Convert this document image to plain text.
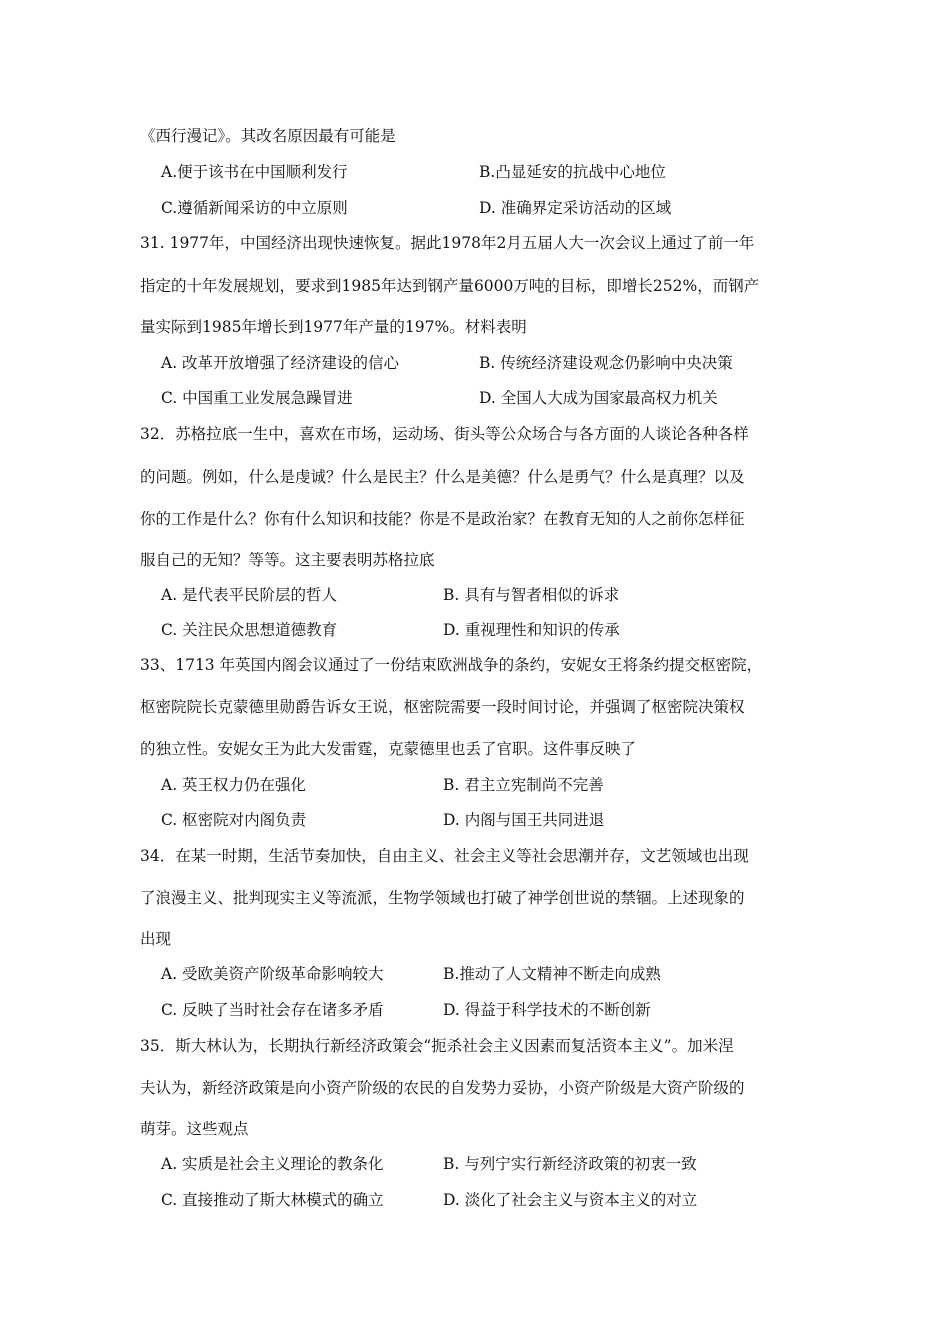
《西行漫记》。其改名原因最有可能是
A.便于该书在中国顺利发行	B.凸显延安的抗战中心地位
C.遵循新闻采访的中立原则	D. 准确界定采访活动的区域
31. 1977年，中国经济出现快速恢复。据此1978年2月五届人大一次会议上通过了前一年
指定的十年发展规划，要求到1985年达到钢产量6000万吨的目标，即增长252%，而钢产
量实际到1985年增长到1977年产量的197%。材料表明
A. 改革开放增强了经济建设的信心	B. 传统经济建设观念仍影响中央决策
C. 中国重工业发展急躁冒进	D. 全国人大成为国家最高权力机关
32．苏格拉底一生中，喜欢在市场，运动场、街头等公众场合与各方面的人谈论各种各样
的问题。例如，什么是虔诚？什么是民主？什么是美德？什么是勇气？什么是真理？以及
你的工作是什么？你有什么知识和技能？你是不是政治家？在教育无知的人之前你怎样征
服自己的无知？等等。这主要表明苏格拉底
A. 是代表平民阶层的哲人	B. 具有与智者相似的诉求
C. 关注民众思想道德教育	D. 重视理性和知识的传承
33、1713 年英国内阁会议通过了一份结束欧洲战争的条约，安妮女王将条约提交枢密院，
枢密院院长克蒙德里勋爵告诉女王说，枢密院需要一段时间讨论，并强调了枢密院决策权
的独立性。安妮女王为此大发雷霆，克蒙德里也丢了官职。这件事反映了
A. 英王权力仍在强化	B. 君主立宪制尚不完善
C. 枢密院对内阁负责	D. 内阁与国王共同进退
34．在某一时期，生活节奏加快，自由主义、社会主义等社会思潮并存，文艺领域也出现
了浪漫主义、批判现实主义等流派，生物学领域也打破了神学创世说的禁锢。上述现象的
出现
A. 受欧美资产阶级革命影响较大	B.推动了人文精神不断走向成熟
C. 反映了当时社会存在诸多矛盾	D. 得益于科学技术的不断创新
35．斯大林认为，长期执行新经济政策会“扼杀社会主义因素而复活资本主义”。加米涅
夫认为，新经济政策是向小资产阶级的农民的自发势力妥协，小资产阶级是大资产阶级的
萌芽。这些观点
A. 实质是社会主义理论的教条化	B. 与列宁实行新经济政策的初衷一致
C. 直接推动了斯大林模式的确立	D. 淡化了社会主义与资本主义的对立
